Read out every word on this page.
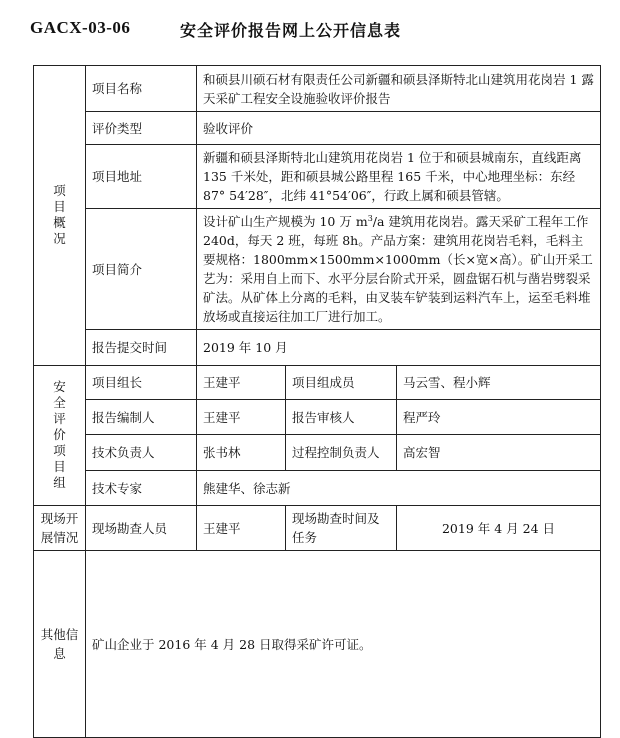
GACX-03-06	安全评价报告网上公开信息表
项目概况	项目名称	和硕县川硕石材有限责任公司新疆和硕县泽斯特北山建筑用花岗岩 1 露天采矿工程安全设施验收评价报告		
	评价类型	验收评价		
	项目地址	新疆和硕县泽斯特北山建筑用花岗岩 1 位于和硕县城南东，直线距离 135 千米处，距和硕县城公路里程 165 千米，中心地理坐标：东经 87° 54′28″，北纬 41°54′06″，行政上属和硕县管辖。		
	项目简介	设计矿山生产规模为 10 万 $m^3/a$ 建筑用花岗岩。露天采矿工程年工作 240d，每天 2 班，每班 8h。产品方案：建筑用花岗岩毛料，毛料主要规格：1800mm×1500mm×1000mm（长×宽×高）。矿山开采工艺为：采用自上而下、水平分层台阶式开采，圆盘锯石机与凿岩劈裂采矿法。从矿体上分离的毛料，由叉装车铲装到运料汽车上，运至毛料堆放场或直接运往加工厂进行加工。		
	报告提交时间	2019 年 10 月		
安全评价项目组	项目组长	王建平	项目组成员	马云雪、程小辉
	报告编制人	王建平	报告审核人	程严玲
	技术负责人	张书林	过程控制负责人	高宏智
	技术专家	熊建华、徐志新		
现场开展情况	现场勘查人员	王建平	现场勘查时间及任务	2019 年 4 月 24 日
其他信息	矿山企业于 2016 年 4 月 28 日取得采矿许可证。			
